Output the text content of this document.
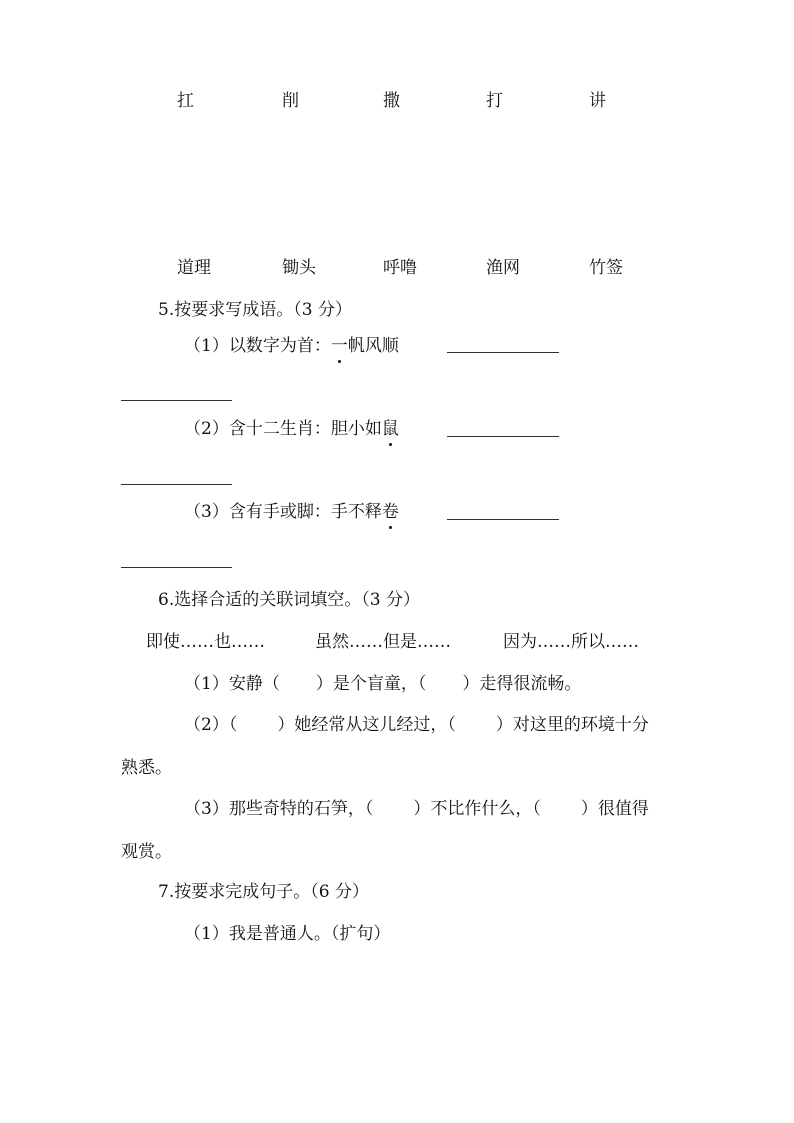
扛	削	撒	打	讲
道理	锄头	呼噜	渔网	竹签
5.按要求写成语。（3 分）
（1）以数字为首：一帆风顺
（2）含十二生肖：胆小如鼠
（3）含有手或脚：手不释卷
6.选择合适的关联词填空。（3 分）
即使……也……	虽然……但是……	因为……所以……
（1）安静（ ）是个盲童，（ ）走得很流畅。
（2）（ ）她经常从这儿经过，（ ）对这里的环境十分
熟悉。
（3）那些奇特的石笋，（ ）不比作什么，（ ）很值得
观赏。
7.按要求完成句子。（6 分）
（1）我是普通人。（扩句）
